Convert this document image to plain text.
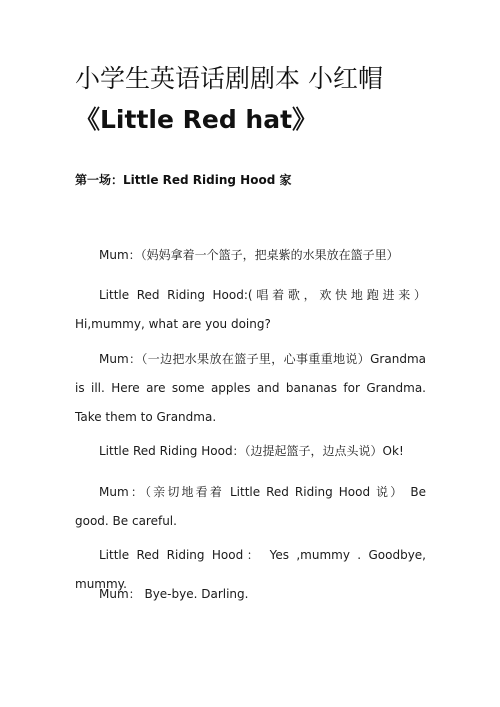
小学生英语话剧剧本 小红帽
《Little Red hat》
第一场：Little Red Riding Hood 家

Mum：（妈妈拿着一个篮子，把桌紫的水果放在篮子里）

Little Red Riding Hood:(唱着歌，欢快地跑进来）Hi,mummy, what are you doing?

Mum：（一边把水果放在篮子里，心事重重地说）Grandma is ill. Here are some apples and bananas for Grandma. Take them to Grandma.

Little Red Riding Hood：（边提起篮子，边点头说）Ok!

Mum：（亲切地看着 Little Red Riding Hood 说） Be good. Be careful.

Little Red Riding Hood： Yes ,mummy . Goodbye, mummy.

Mum： Bye-bye. Darling.
